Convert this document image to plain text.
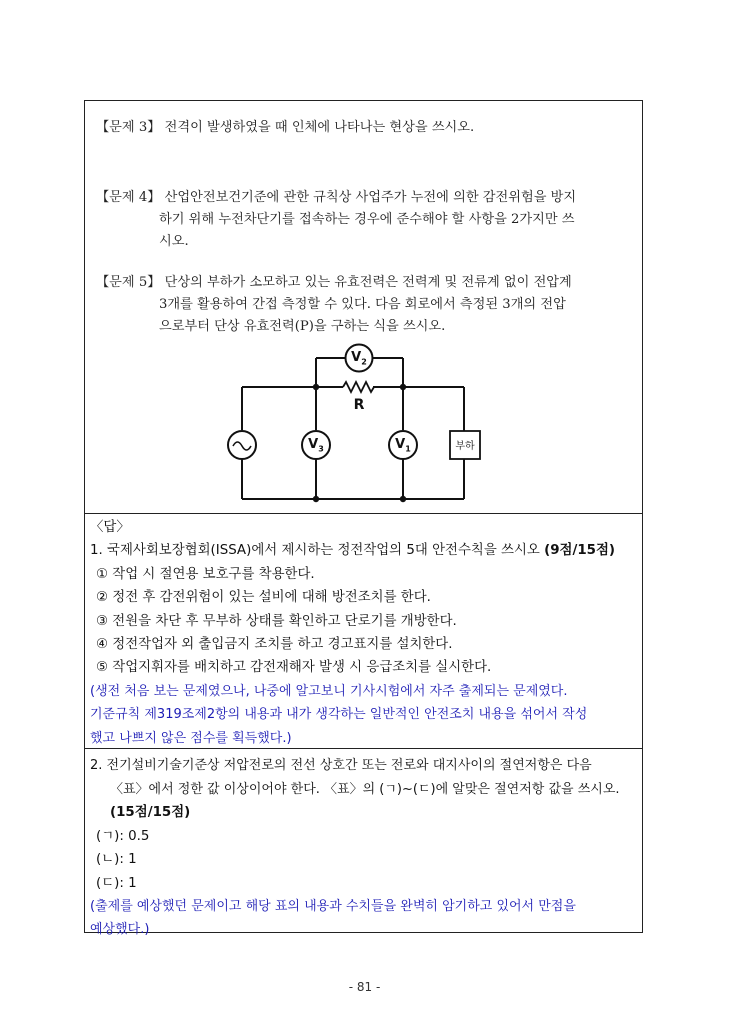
【문제 3】 전격이 발생하였을 때 인체에 나타나는 현상을 쓰시오.
【문제 4】 산업안전보건기준에 관한 규칙상 사업주가 누전에 의한 감전위험을 방지
하기 위해 누전차단기를 접속하는 경우에 준수해야 할 사항을 2가지만 쓰
시오.
【문제 5】 단상의 부하가 소모하고 있는 유효전력은 전력계 및 전류계 없이 전압계
3개를 활용하여 간접 측정할 수 있다. 다음 회로에서 측정된 3개의 전압
으로부터 단상 유효전력(P)을 구하는 식을 쓰시오.
$V_2$
$V_3$	$V_1$
R
부하
〈답〉
1. 국제사회보장협회(ISSA)에서 제시하는 정전작업의 5대 안전수칙을 쓰시오 (9점/15점)
① 작업 시 절연용 보호구를 착용한다.
② 정전 후 감전위험이 있는 설비에 대해 방전조치를 한다.
③ 전원을 차단 후 무부하 상태를 확인하고 단로기를 개방한다.
④ 정전작업자 외 출입금지 조치를 하고 경고표지를 설치한다.
⑤ 작업지휘자를 배치하고 감전재해자 발생 시 응급조치를 실시한다.
(생전 처음 보는 문제였으나, 나중에 알고보니 기사시험에서 자주 출제되는 문제였다.
기준규칙 제319조제2항의 내용과 내가 생각하는 일반적인 안전조치 내용을 섞어서 작성
했고 나쁘지 않은 점수를 획득했다.)
2. 전기설비기술기준상 저압전로의 전선 상호간 또는 전로와 대지사이의 절연저항은 다음
〈표〉에서 정한 값 이상이어야 한다. 〈표〉의 (ㄱ)~(ㄷ)에 알맞은 절연저항 값을 쓰시오.
(15점/15점)
(ㄱ): 0.5
(ㄴ): 1
(ㄷ): 1
(출제를 예상했던 문제이고 해당 표의 내용과 수치들을 완벽히 암기하고 있어서 만점을
예상했다.)
- 81 -
